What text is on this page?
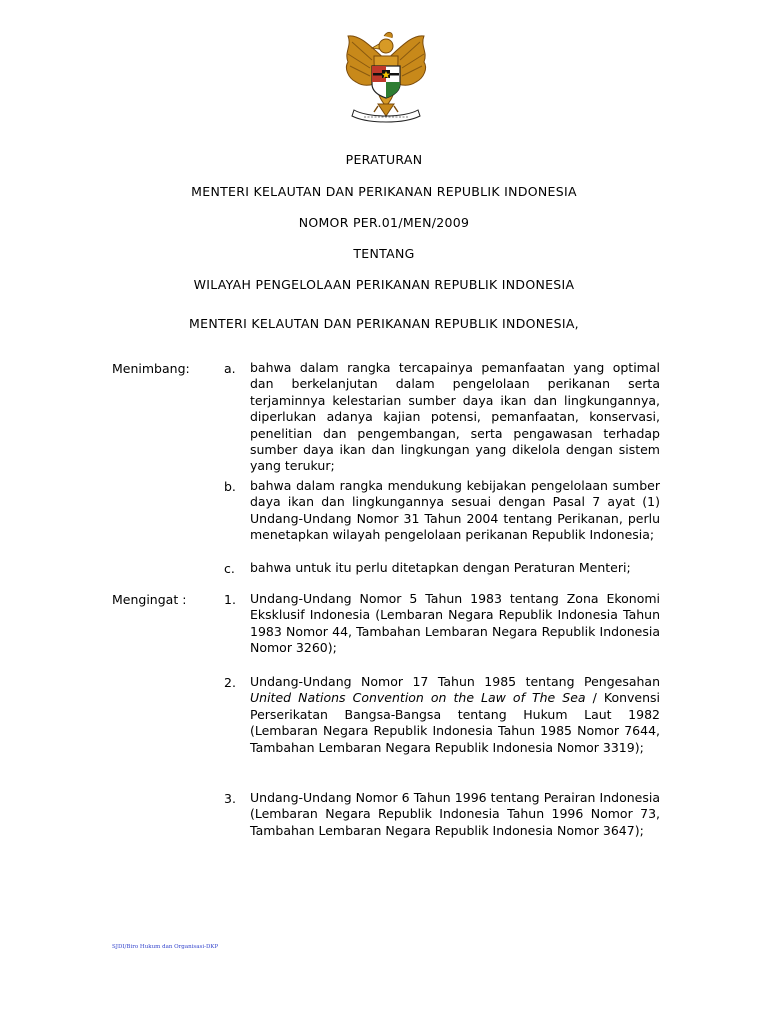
PERATURAN
MENTERI KELAUTAN DAN PERIKANAN REPUBLIK INDONESIA
NOMOR PER.01/MEN/2009
TENTANG
WILAYAH PENGELOLAAN PERIKANAN REPUBLIK INDONESIA
MENTERI KELAUTAN DAN PERIKANAN REPUBLIK INDONESIA,
Menimbang:	a. bahwa dalam rangka tercapainya pemanfaatan yang optimal dan berkelanjutan dalam pengelolaan perikanan serta terjaminnya kelestarian sumber daya ikan dan lingkungannya, diperlukan adanya kajian potensi, pemanfaatan, konservasi, penelitian dan pengembangan, serta pengawasan terhadap sumber daya ikan dan lingkungan yang dikelola dengan sistem yang terukur;

b. bahwa dalam rangka mendukung kebijakan pengelolaan sumber daya ikan dan lingkungannya sesuai dengan Pasal 7 ayat (1) Undang-Undang Nomor 31 Tahun 2004 tentang Perikanan, perlu menetapkan wilayah pengelolaan perikanan Republik Indonesia;

c. bahwa untuk itu perlu ditetapkan dengan Peraturan Menteri;

Mengingat :	1. Undang-Undang Nomor 5 Tahun 1983 tentang Zona Ekonomi Eksklusif Indonesia (Lembaran Negara Republik Indonesia Tahun 1983 Nomor 44, Tambahan Lembaran Negara Republik Indonesia Nomor 3260);

2. Undang-Undang Nomor 17 Tahun 1985 tentang Pengesahan United Nations Convention on the Law of The Sea / Konvensi Perserikatan Bangsa-Bangsa tentang Hukum Laut 1982 (Lembaran Negara Republik Indonesia Tahun 1985 Nomor 7644, Tambahan Lembaran Negara Republik Indonesia Nomor 3319);

3. Undang-Undang Nomor 6 Tahun 1996 tentang Perairan Indonesia (Lembaran Negara Republik Indonesia Tahun 1996 Nomor 73, Tambahan Lembaran Negara Republik Indonesia Nomor 3647);

SJDI/Biro Hukum dan Organisasi-DKP
